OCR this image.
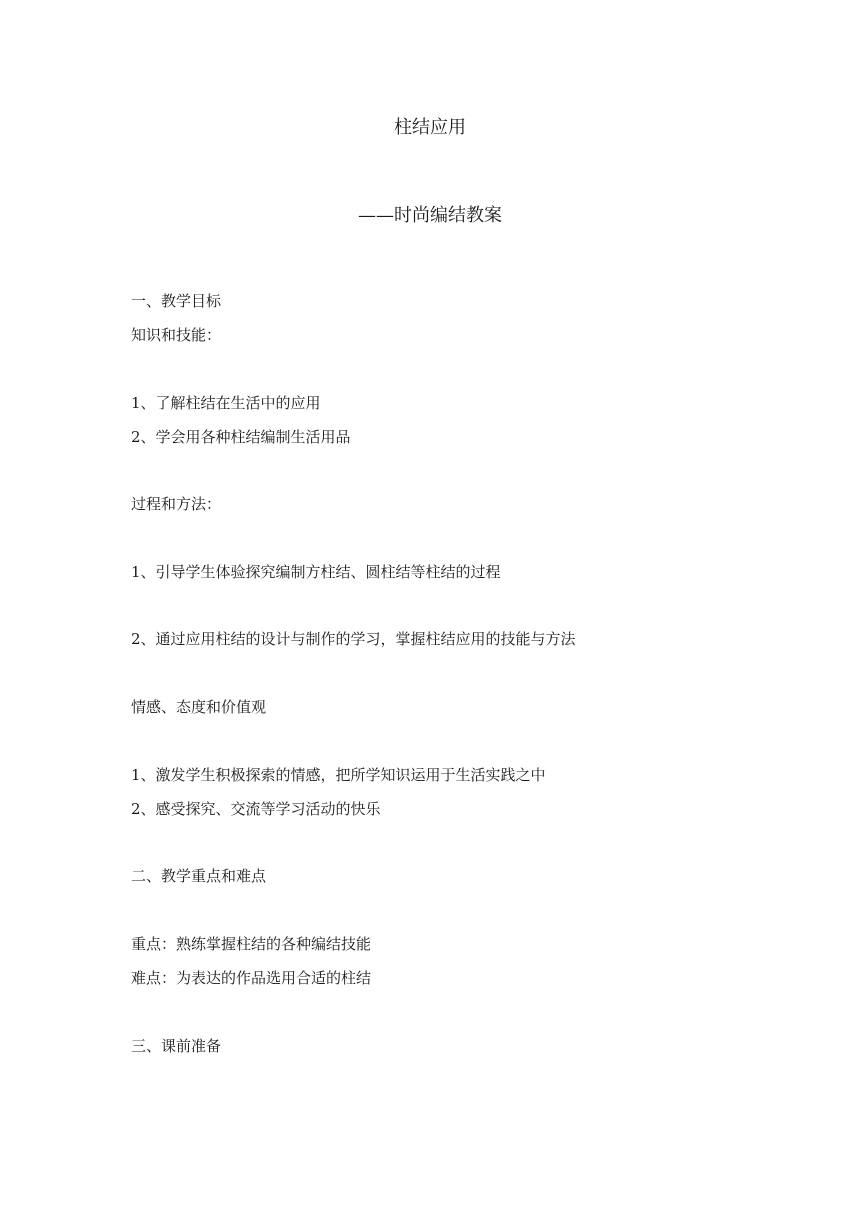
柱结应用
——时尚编结教案

一、教学目标

知识和技能：

1、了解柱结在生活中的应用

2、学会用各种柱结编制生活用品

过程和方法：

1、引导学生体验探究编制方柱结、圆柱结等柱结的过程

2、通过应用柱结的设计与制作的学习，掌握柱结应用的技能与方法

情感、态度和价值观

1、激发学生积极探索的情感，把所学知识运用于生活实践之中

2、感受探究、交流等学习活动的快乐

二、教学重点和难点

重点：熟练掌握柱结的各种编结技能

难点：为表达的作品选用合适的柱结

三、课前准备
